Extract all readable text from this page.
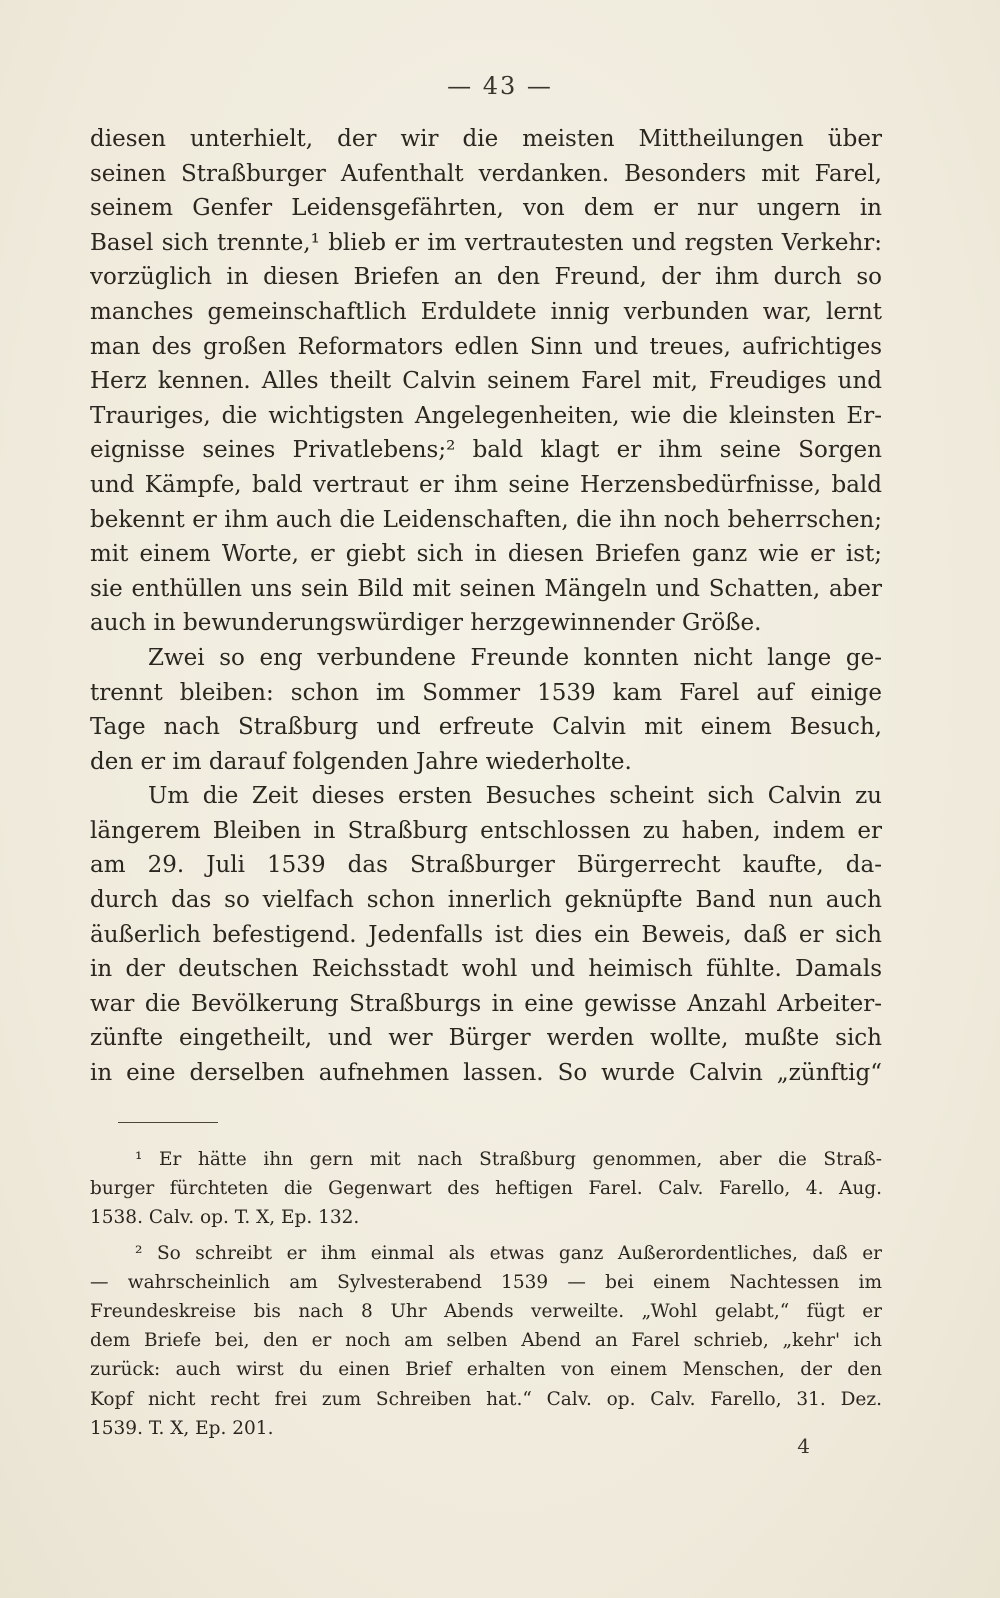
— 43 —
diesen unterhielt, der wir die meisten Mittheilungen über
seinen Straßburger Aufenthalt verdanken. Besonders mit Farel,
seinem Genfer Leidensgefährten, von dem er nur ungern in
Basel sich trennte,¹ blieb er im vertrautesten und regsten Verkehr:
vorzüglich in diesen Briefen an den Freund, der ihm durch so
manches gemeinschaftlich Erduldete innig verbunden war, lernt
man des großen Reformators edlen Sinn und treues, aufrichtiges
Herz kennen. Alles theilt Calvin seinem Farel mit, Freudiges und
Trauriges, die wichtigsten Angelegenheiten, wie die kleinsten Er-
eignisse seines Privatlebens;² bald klagt er ihm seine Sorgen
und Kämpfe, bald vertraut er ihm seine Herzensbedürfnisse, bald
bekennt er ihm auch die Leidenschaften, die ihn noch beherrschen;
mit einem Worte, er giebt sich in diesen Briefen ganz wie er ist;
sie enthüllen uns sein Bild mit seinen Mängeln und Schatten, aber
auch in bewunderungswürdiger herzgewinnender Größe.
Zwei so eng verbundene Freunde konnten nicht lange ge-
trennt bleiben: schon im Sommer 1539 kam Farel auf einige
Tage nach Straßburg und erfreute Calvin mit einem Besuch,
den er im darauf folgenden Jahre wiederholte.
Um die Zeit dieses ersten Besuches scheint sich Calvin zu
längerem Bleiben in Straßburg entschlossen zu haben, indem er
am 29. Juli 1539 das Straßburger Bürgerrecht kaufte, da-
durch das so vielfach schon innerlich geknüpfte Band nun auch
äußerlich befestigend. Jedenfalls ist dies ein Beweis, daß er sich
in der deutschen Reichsstadt wohl und heimisch fühlte. Damals
war die Bevölkerung Straßburgs in eine gewisse Anzahl Arbeiter-
zünfte eingetheilt, und wer Bürger werden wollte, mußte sich
in eine derselben aufnehmen lassen. So wurde Calvin „zünftig“
¹ Er hätte ihn gern mit nach Straßburg genommen, aber die Straß-
burger fürchteten die Gegenwart des heftigen Farel. Calv. Farello, 4. Aug.
1538. Calv. op. T. X, Ep. 132.
² So schreibt er ihm einmal als etwas ganz Außerordentliches, daß er
— wahrscheinlich am Sylvesterabend 1539 — bei einem Nachtessen im
Freundeskreise bis nach 8 Uhr Abends verweilte. „Wohl gelabt,“ fügt er
dem Briefe bei, den er noch am selben Abend an Farel schrieb, „kehr' ich
zurück: auch wirst du einen Brief erhalten von einem Menschen, der den
Kopf nicht recht frei zum Schreiben hat.“ Calv. op. Calv. Farello, 31. Dez.
1539. T. X, Ep. 201.
4
